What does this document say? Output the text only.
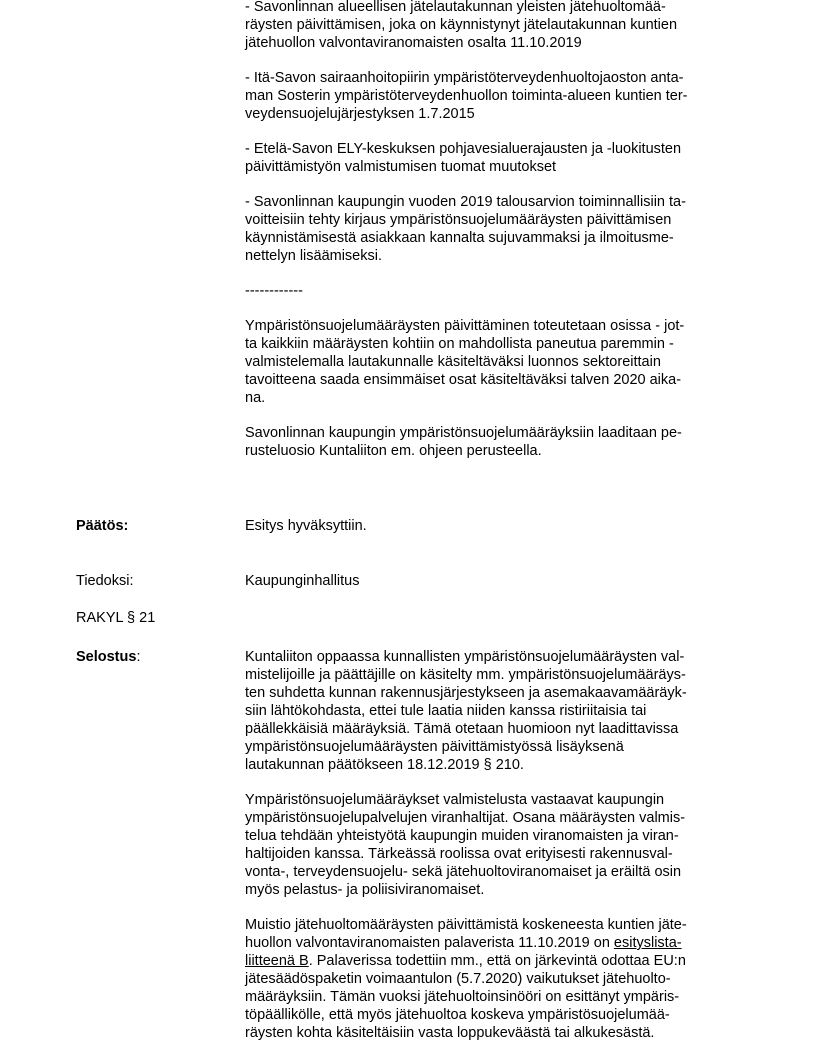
- Savonlinnan alueellisen jätelautakunnan yleisten jätehuoltomää-
räysten päivittämisen, joka on käynnistynyt jätelautakunnan kuntien
jätehuollon valvontaviranomaisten osalta 11.10.2019
- Itä-Savon sairaanhoitopiirin ympäristöterveydenhuoltojaoston anta-
man Sosterin ympäristöterveydenhuollon toiminta-alueen kuntien ter-
veydensuojelujärjestyksen 1.7.2015
- Etelä-Savon ELY-keskuksen pohjavesialuerajausten ja -luokitusten
päivittämistyön valmistumisen tuomat muutokset
- Savonlinnan kaupungin vuoden 2019 talousarvion toiminnallisiin ta-
voitteisiin tehty kirjaus ympäristönsuojelumääräysten päivittämisen
käynnistämisestä asiakkaan kannalta sujuvammaksi ja ilmoitusme-
nettelyn lisäämiseksi.
------------
Ympäristönsuojelumääräysten päivittäminen toteutetaan osissa - jot-
ta kaikkiin määräysten kohtiin on mahdollista paneutua paremmin -
valmistelemalla lautakunnalle käsiteltäväksi luonnos sektoreittain
tavoitteena saada ensimmäiset osat käsiteltäväksi talven 2020 aika-
na.
Savonlinnan kaupungin ympäristönsuojelumääräyksiin laaditaan pe-
rusteluosio Kuntaliiton em. ohjeen perusteella.
Päätös:	Esitys hyväksyttiin.
Tiedoksi:	Kaupunginhallitus
RAKYL § 21
Selostus:	Kuntaliiton oppaassa kunnallisten ympäristönsuojelumääräysten val-
mistelijoille ja päättäjille on käsitelty mm. ympäristönsuojelumääräys-
ten suhdetta kunnan rakennusjärjestykseen ja asemakaavamääräyk-
siin lähtökohdasta, ettei tule laatia niiden kanssa ristiriitaisia tai
päällekkäisiä määräyksiä. Tämä otetaan huomioon nyt laadittavissa
ympäristönsuojelumääräysten päivittämistyössä lisäyksenä
lautakunnan päätökseen 18.12.2019 § 210.
Ympäristönsuojelumääräykset valmistelusta vastaavat kaupungin
ympäristönsuojelupalvelujen viranhaltijat. Osana määräysten valmis-
telua tehdään yhteistyötä kaupungin muiden viranomaisten ja viran-
haltijoiden kanssa. Tärkeässä roolissa ovat erityisesti rakennusval-
vonta-, terveydensuojelu- sekä jätehuoltoviranomaiset ja eräiltä osin
myös pelastus- ja poliisiviranomaiset.
Muistio jätehuoltomääräysten päivittämistä koskeneesta kuntien jäte-
huollon valvontaviranomaisten palaverista 11.10.2019 on esityslista-
liitteenä B. Palaverissa todettiin mm., että on järkevintä odottaa EU:n
jätesäädöspaketin voimaantulon (5.7.2020) vaikutukset jätehuolto-
määräyksiin. Tämän vuoksi jätehuoltoinsinööri on esittänyt ympäris-
töpäällikölle, että myös jätehuoltoa koskeva ympäristösuojelumää-
räysten kohta käsiteltäisiin vasta loppukeväästä tai alkukesästä.
